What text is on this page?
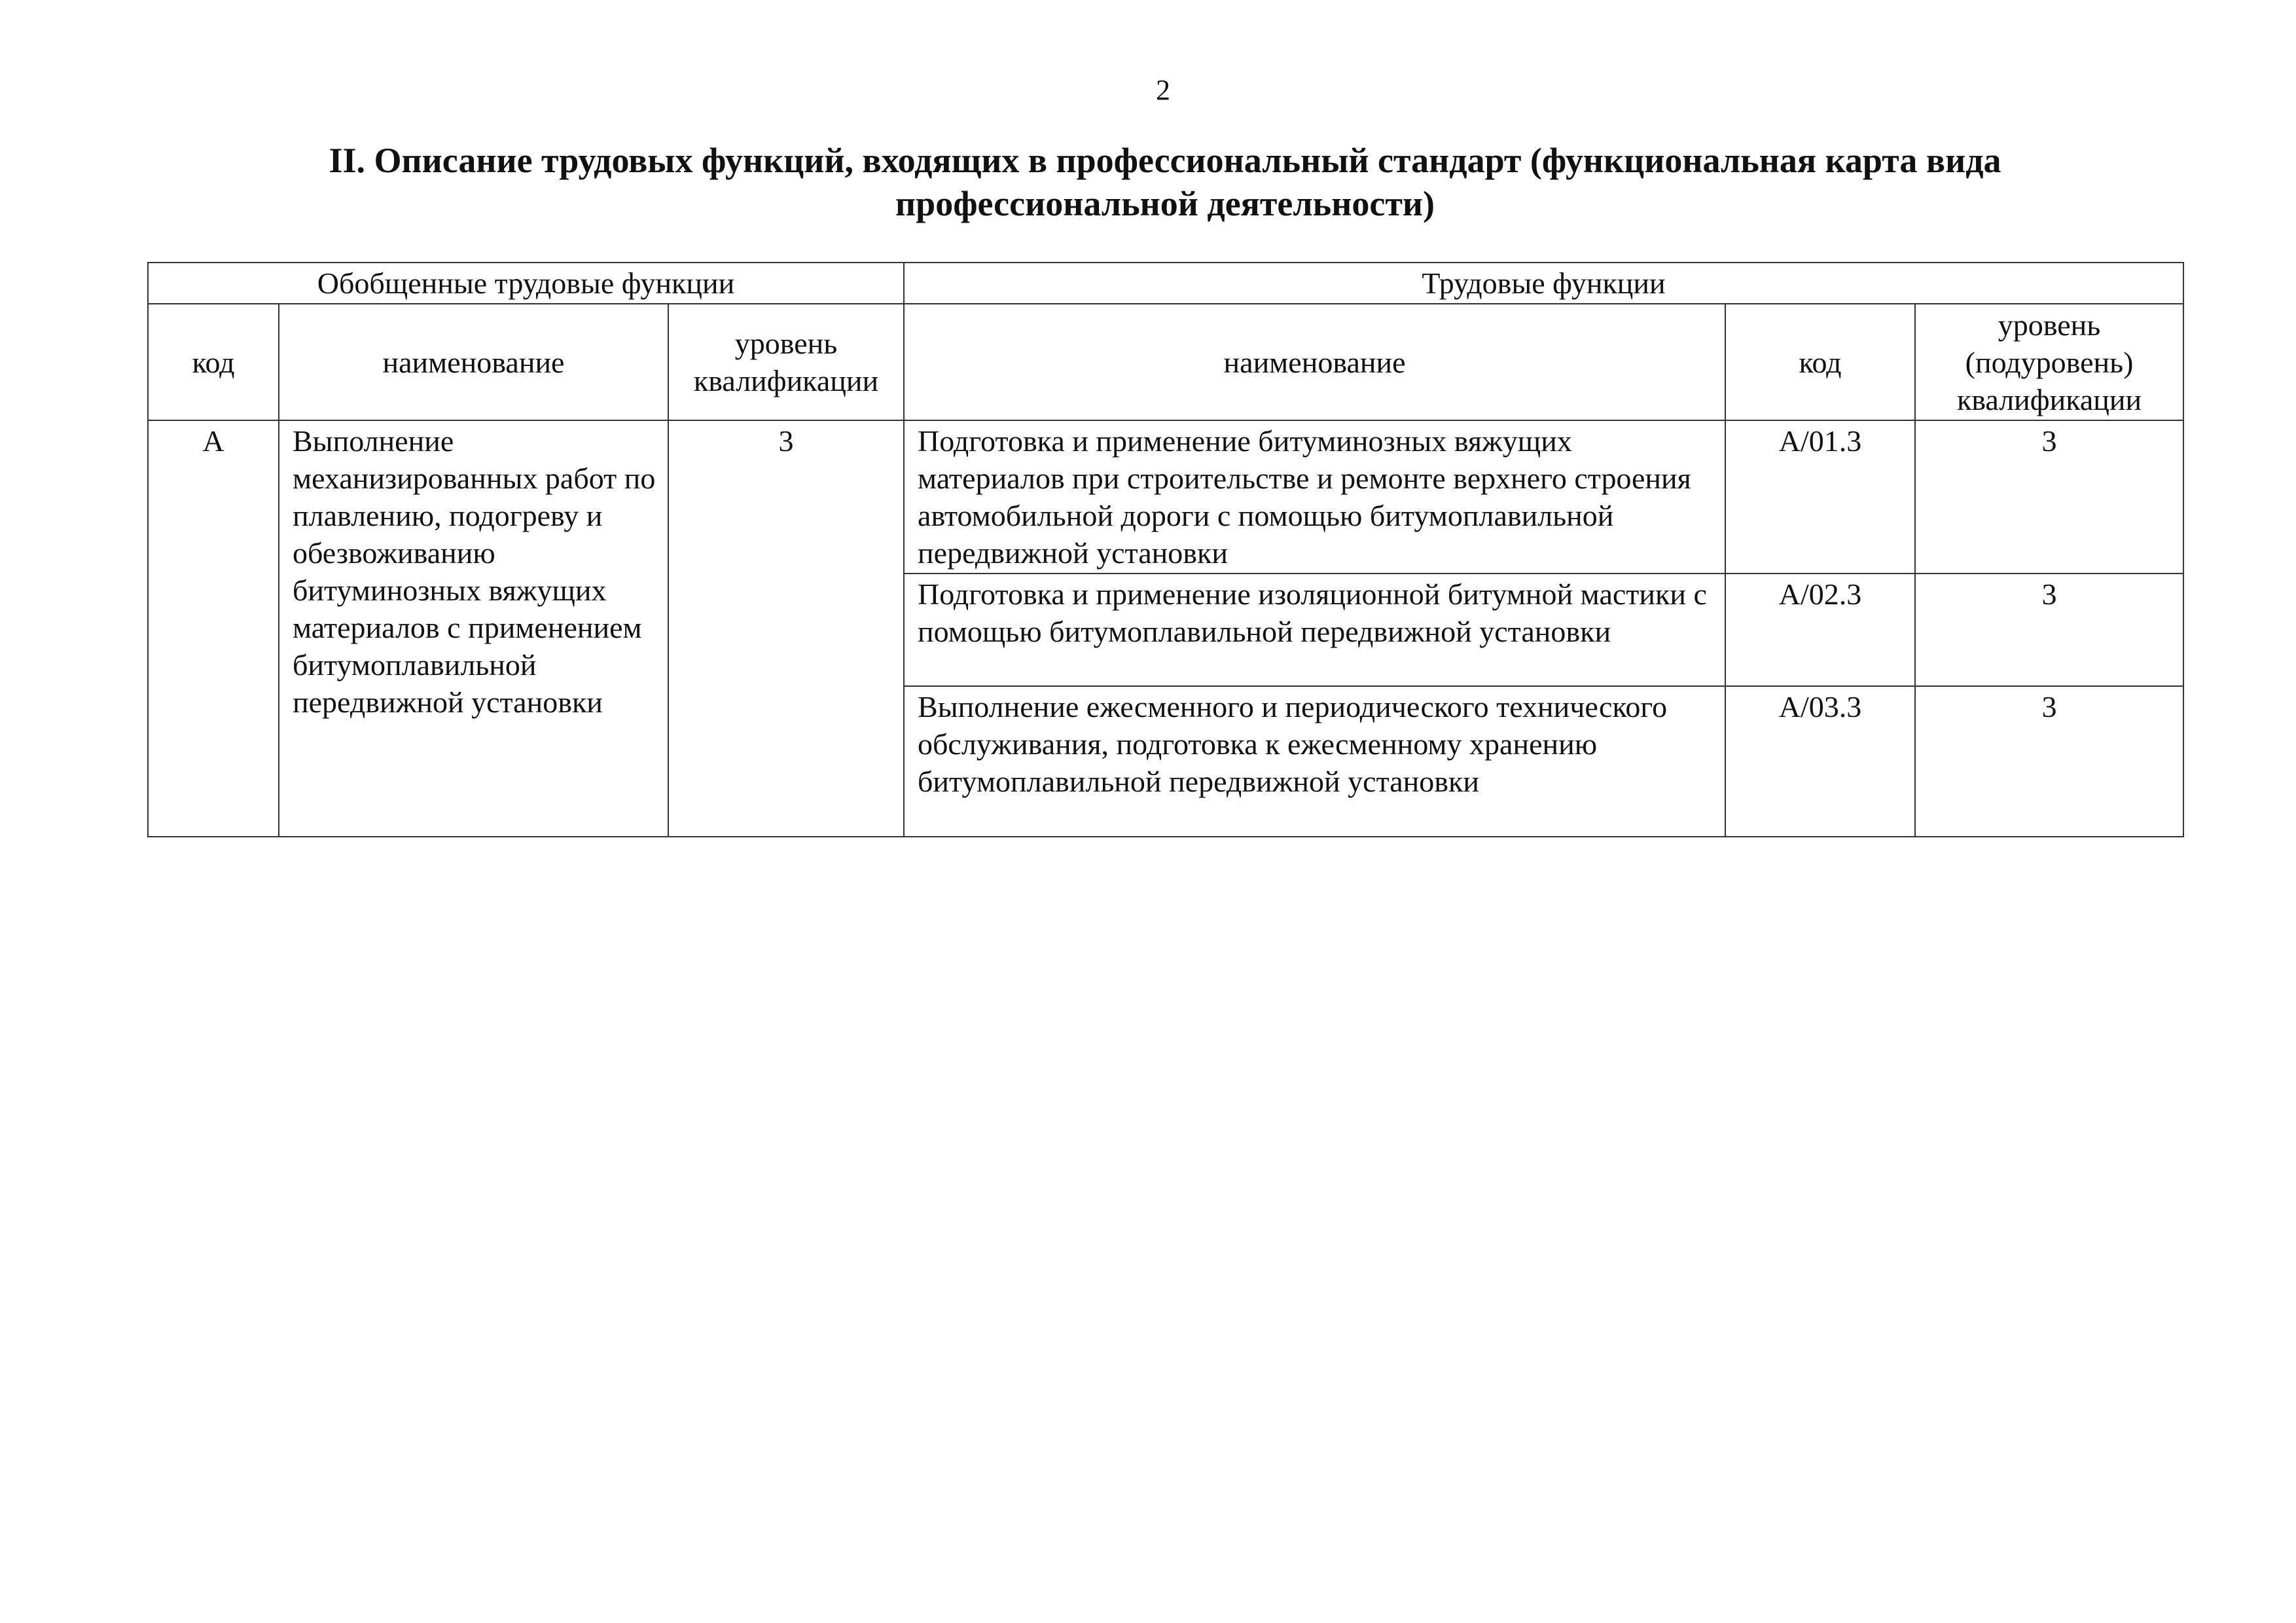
2
II. Описание трудовых функций, входящих в профессиональный стандарт (функциональная карта вида профессиональной деятельности)
Обобщенные трудовые функции			Трудовые функции		
код	наименование	уровень квалификации	наименование	код	уровень (подуровень) квалификации
А	Выполнение механизированных работ по плавлению, подогреву и обезвоживанию битуминозных вяжущих материалов с применением битумоплавильной передвижной установки	3	Подготовка и применение битуминозных вяжущих материалов при строительстве и ремонте верхнего строения автомобильной дороги с помощью битумоплавильной передвижной установки	A/01.3	3
			Подготовка и применение изоляционной битумной мастики с помощью битумоплавильной передвижной установки	A/02.3	3
			Выполнение ежесменного и периодического технического обслуживания, подготовка к ежесменному хранению битумоплавильной передвижной установки	A/03.3	3
